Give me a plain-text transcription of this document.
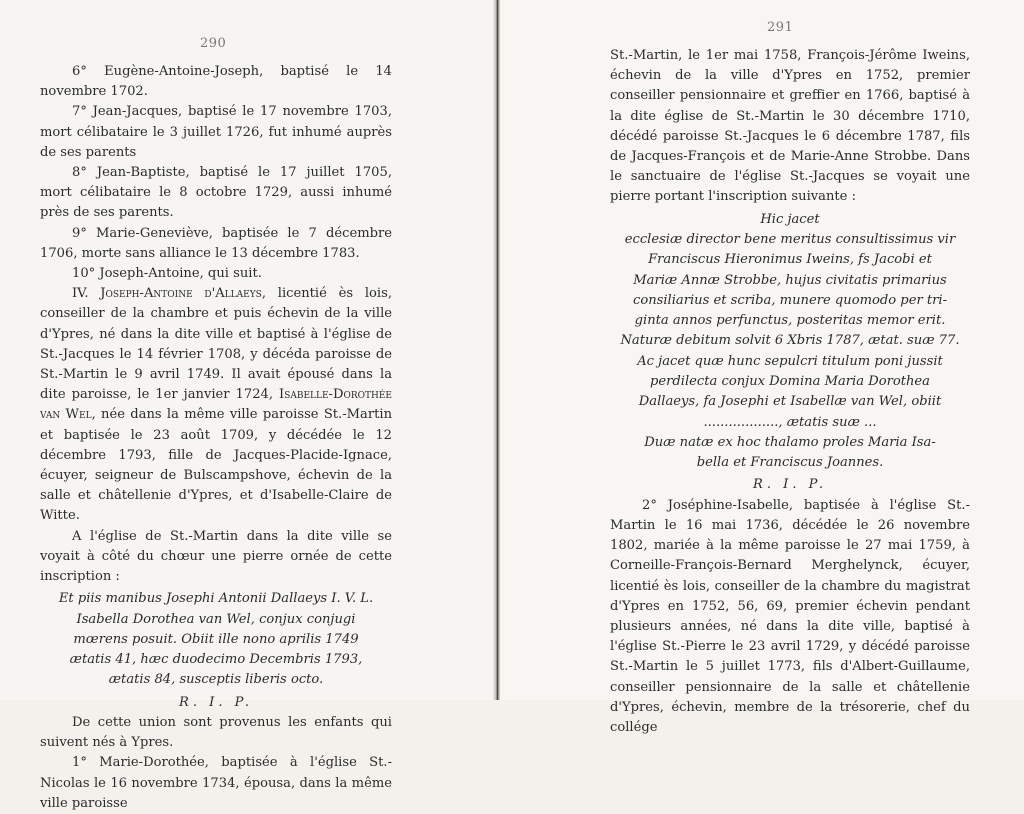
290

6° Eugène-Antoine-Joseph, baptisé le 14 novembre 1702.

7° Jean-Jacques, baptisé le 17 novembre 1703, mort célibataire le 3 juillet 1726, fut inhumé auprès de ses parents

8° Jean-Baptiste, baptisé le 17 juillet 1705, mort célibataire le 8 octobre 1729, aussi inhumé près de ses parents.

9° Marie-Geneviève, baptisée le 7 décembre 1706, morte sans alliance le 13 décembre 1783.

10° Joseph-Antoine, qui suit.

IV. Joseph-Antoine d'Allaeys, licentié ès lois, conseiller de la chambre et puis échevin de la ville d'Ypres, né dans la dite ville et baptisé à l'église de St.-Jacques le 14 février 1708, y décéda paroisse de St.-Martin le 9 avril 1749. Il avait épousé dans la dite paroisse, le 1er janvier 1724, Isabelle-Dorothée van Wel, née dans la même ville paroisse St.-Martin et baptisée le 23 août 1709, y décédée le 12 décembre 1793, fille de Jacques-Placide-Ignace, écuyer, seigneur de Bulscampshove, échevin de la salle et châtellenie d'Ypres, et d'Isabelle-Claire de Witte.

A l'église de St.-Martin dans la dite ville se voyait à côté du chœur une pierre ornée de cette inscription :

Et piis manibus Josephi Antonii Dallaeys I. V. L.
Isabella Dorothea van Wel, conjux conjugi
mœrens posuit. Obiit ille nono aprilis 1749
ætatis 41, hæc duodecimo Decembris 1793,
ætatis 84, susceptis liberis octo.

R. I. P.

De cette union sont provenus les enfants qui suivent nés à Ypres.

1° Marie-Dorothée, baptisée à l'église St.-Nicolas le 16 novembre 1734, épousa, dans la même ville paroisse

291

St.-Martin, le 1er mai 1758, François-Jérôme Iweins, échevin de la ville d'Ypres en 1752, premier conseiller pensionnaire et greffier en 1766, baptisé à la dite église de St.-Martin le 30 décembre 1710, décédé paroisse St.-Jacques le 6 décembre 1787, fils de Jacques-François et de Marie-Anne Strobbe. Dans le sanctuaire de l'église St.-Jacques se voyait une pierre portant l'inscription suivante :

Hic jacet
ecclesiæ director bene meritus consultissimus vir
Franciscus Hieronimus Iweins, fs Jacobi et
Mariæ Annæ Strobbe, hujus civitatis primarius
consiliarius et scriba, munere quomodo per tri-
ginta annos perfunctus, posteritas memor erit.
Naturæ debitum solvit 6 Xbris 1787, ætat. suæ 77.
Ac jacet quæ hunc sepulcri titulum poni jussit
perdilecta conjux Domina Maria Dorothea
Dallaeys, fa Josephi et Isabellæ van Wel, obiit
.................., ætatis suæ ...
Duæ natæ ex hoc thalamo proles Maria Isa-
bella et Franciscus Joannes.

R. I. P.

2° Joséphine-Isabelle, baptisée à l'église St.-Martin le 16 mai 1736, décédée le 26 novembre 1802, mariée à la même paroisse le 27 mai 1759, à Corneille-François-Bernard Merghelynck, écuyer, licentié ès lois, conseiller de la chambre du magistrat d'Ypres en 1752, 56, 69, premier échevin pendant plusieurs années, né dans la dite ville, baptisé à l'église St.-Pierre le 23 avril 1729, y décédé paroisse St.-Martin le 5 juillet 1773, fils d'Albert-Guillaume, conseiller pensionnaire de la salle et châtellenie d'Ypres, échevin, membre de la trésorerie, chef du collége
